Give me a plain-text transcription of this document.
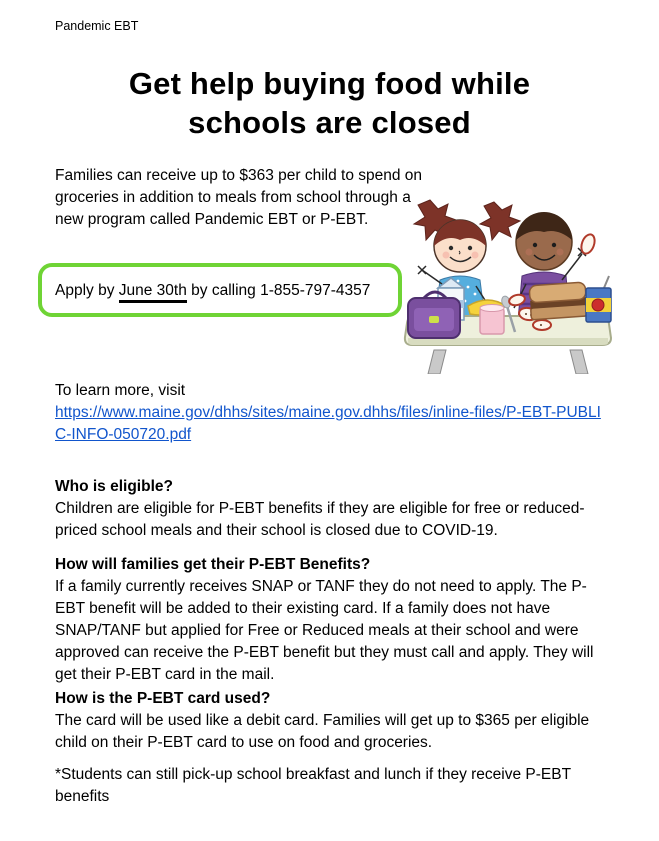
Pandemic EBT
Get help buying food while
schools are closed

Families can receive up to $363 per child to spend on groceries in addition to meals from school through a new program called Pandemic EBT or P-EBT.

Apply by June 30th by calling 1-855-797-4357
To learn more, visit
https://www.maine.gov/dhhs/sites/maine.gov.dhhs/files/inline-files/P-EBT-PUBLIC-INFO-050720.pdf
Who is eligible?

Children are eligible for P-EBT benefits if they are eligible for free or reduced-priced school meals and their school is closed due to COVID-19.

How will families get their P-EBT Benefits?

If a family currently receives SNAP or TANF they do not need to apply. The P-EBT benefit will be added to their existing card. If a family does not have SNAP/TANF but applied for Free or Reduced meals at their school and were approved can receive the P-EBT benefit but they must call and apply. They will get their P-EBT card in the mail.

How is the P-EBT card used?

The card will be used like a debit card. Families will get up to $365 per eligible child on their P-EBT card to use on food and groceries.

*Students can still pick-up school breakfast and lunch if they receive P-EBT benefits
